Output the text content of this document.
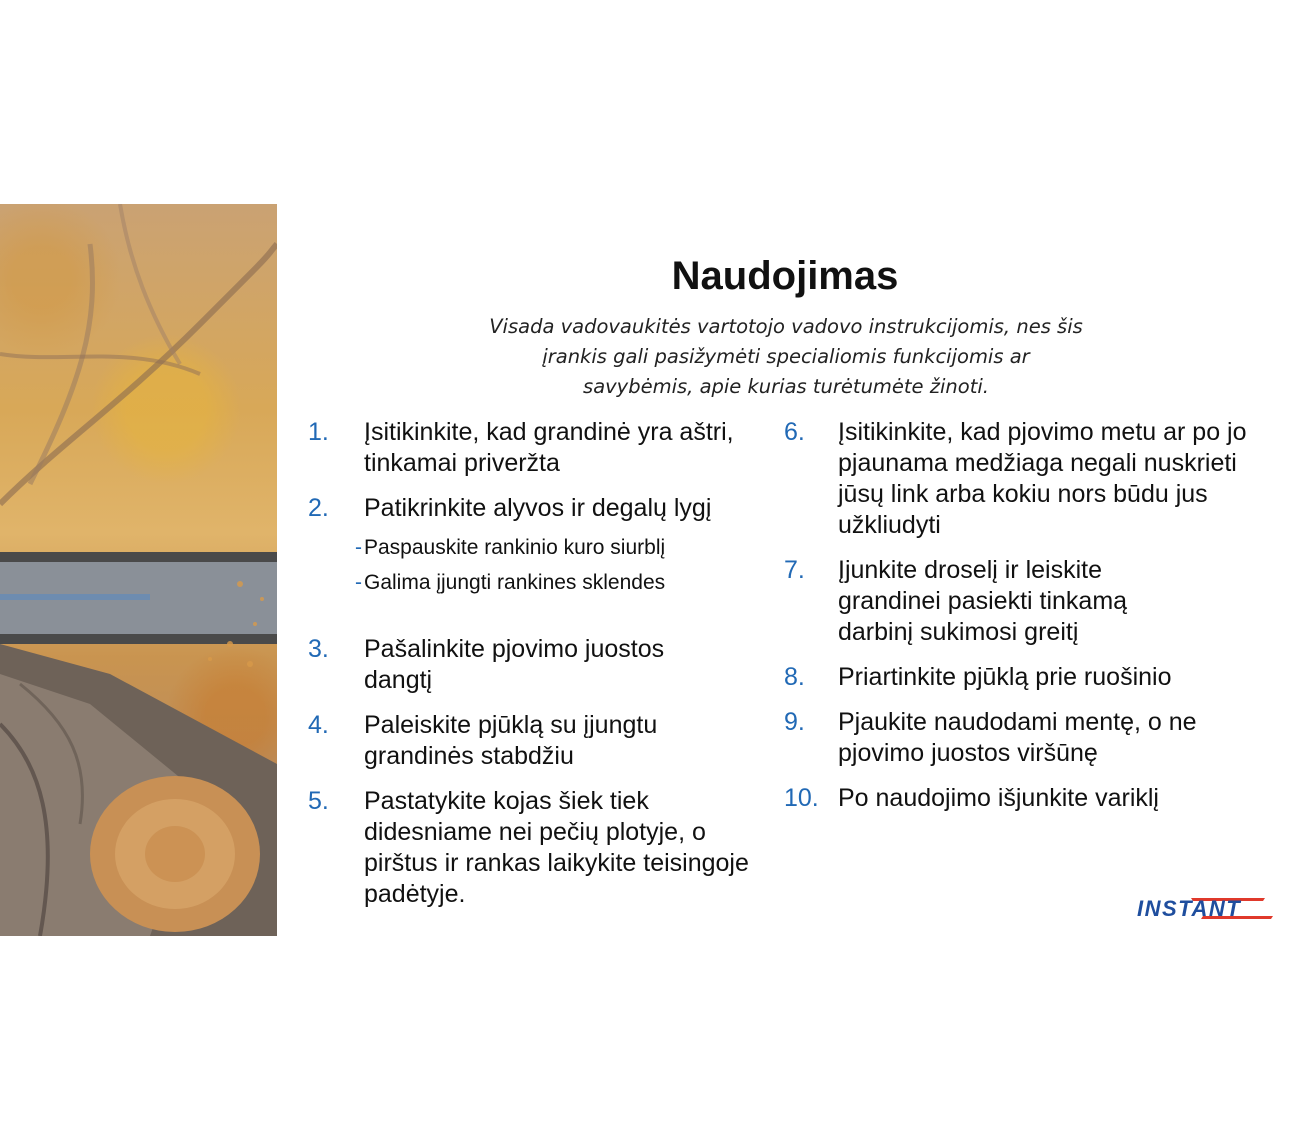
Naudojimas
Visada vadovaukitės vartotojo vadovo instrukcijomis, nes šis
įrankis gali pasižymėti specialiomis funkcijomis ar
savybėmis, apie kurias turėtumėte žinoti.
1.	Įsitikinkite, kad grandinė yra aštri, tinkamai priveržta
2.	Patikrinkite alyvos ir degalų lygį
-Paspauskite rankinio kuro siurblį
-Galima įjungti rankines sklendes
3.	Pašalinkite pjovimo juostos dangtį
4.	Paleiskite pjūklą su įjungtu grandinės stabdžiu
5.	Pastatykite kojas šiek tiek didesniame nei pečių plotyje, o pirštus ir rankas laikykite teisingoje padėtyje.
6.	Įsitikinkite, kad pjovimo metu ar po jo pjaunama medžiaga negali nuskrieti jūsų link arba kokiu nors būdu jus užkliudyti
7.	Įjunkite droselį ir leiskite grandinei pasiekti tinkamą darbinį sukimosi greitį
8.	Priartinkite pjūklą prie ruošinio
9.	Pjaukite naudodami mentę, o ne pjovimo juostos viršūnę
10. Po naudojimo išjunkite variklį
INSTANT
